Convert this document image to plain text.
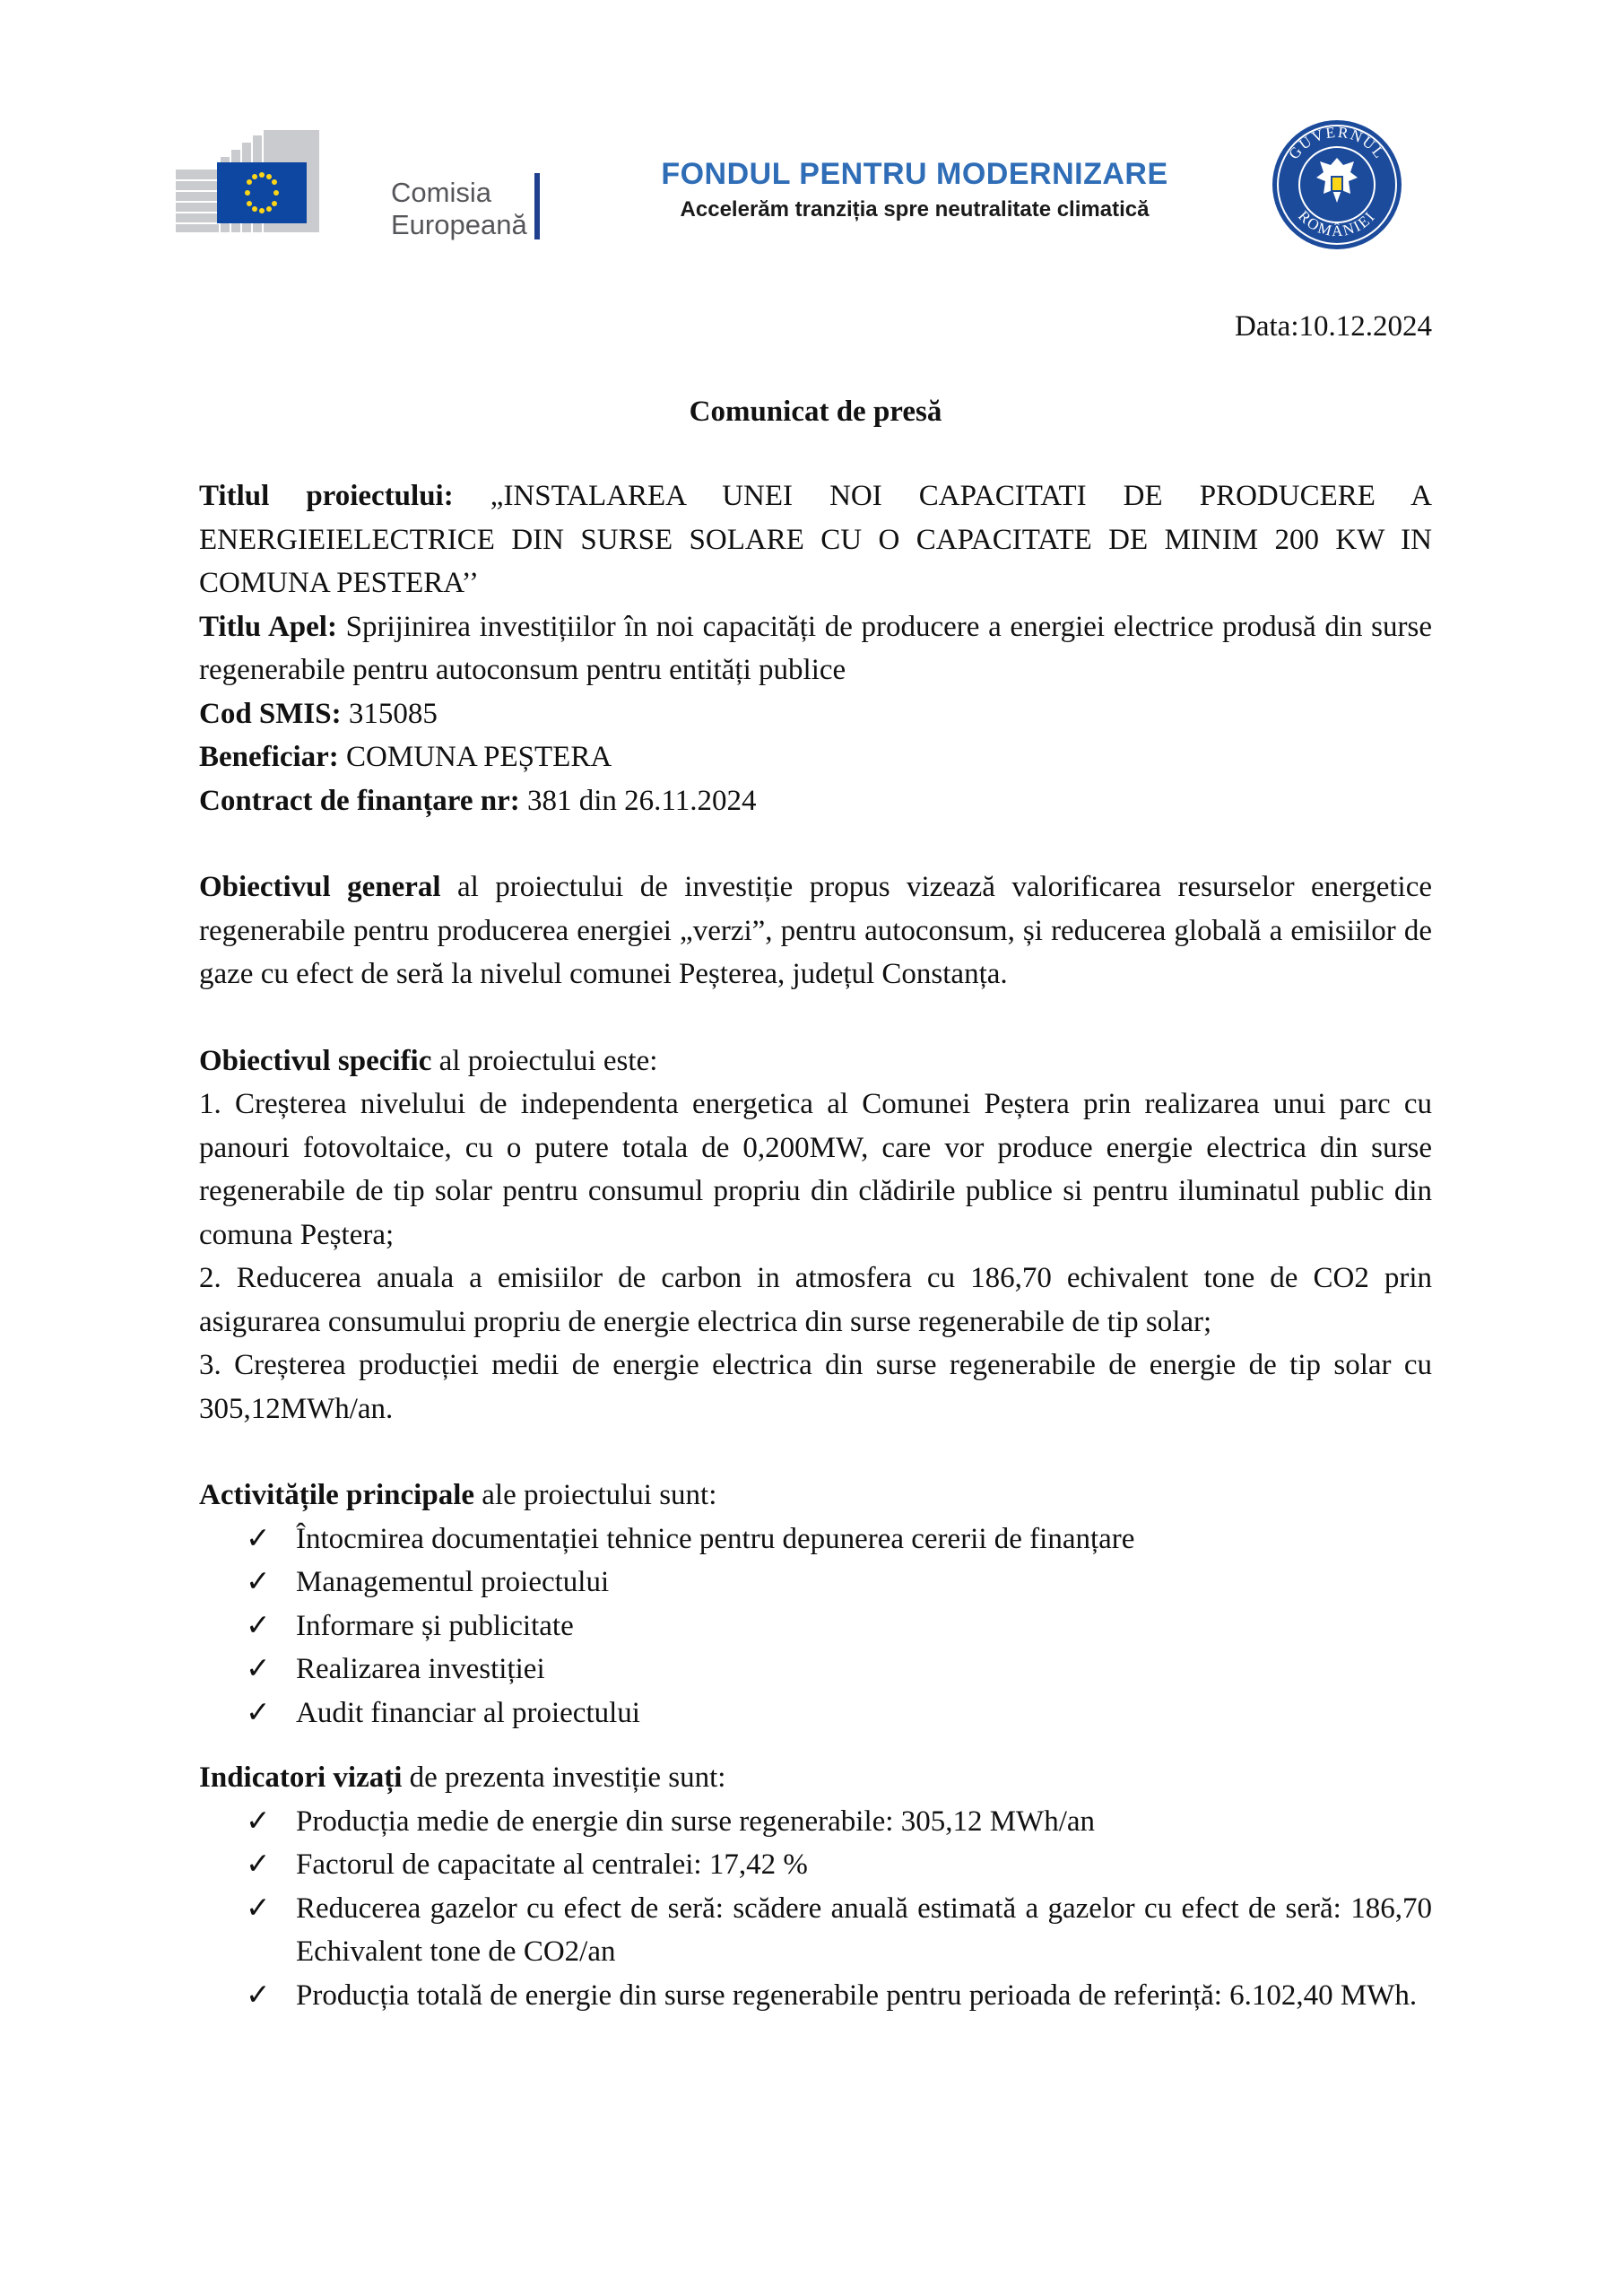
Comisia
Europeană
FONDUL PENTRU MODERNIZARE
Accelerăm tranziția spre neutralitate climatică
GUVERNUL
ROMÂNIEI
Data:10.12.2024
Comunicat de presă

Titlul proiectului: „INSTALAREA UNEI NOI CAPACITATI DE PRODUCERE A ENERGIEIELECTRICE DIN SURSE SOLARE CU O CAPACITATE DE MINIM 200 KW IN COMUNA PESTERA’’

Titlu Apel: Sprijinirea investițiilor în noi capacități de producere a energiei electrice produsă din surse regenerabile pentru autoconsum pentru entități publice

Cod SMIS: 315085

Beneficiar: COMUNA PEȘTERA

Contract de finanțare nr: 381 din 26.11.2024

Obiectivul general al proiectului de investiție propus vizează valorificarea resurselor energetice regenerabile pentru producerea energiei „verzi”, pentru autoconsum, și reducerea globală a emisiilor de gaze cu efect de seră la nivelul comunei Peșterea, județul Constanța.

Obiectivul specific al proiectului este:

1. Creșterea nivelului de independenta energetica al Comunei Peștera prin realizarea unui parc cu panouri fotovoltaice, cu o putere totala de 0,200MW, care vor produce energie electrica din surse regenerabile de tip solar pentru consumul propriu din clădirile publice si pentru iluminatul public din comuna Peștera;

2. Reducerea anuala a emisiilor de carbon in atmosfera cu 186,70 echivalent tone de CO2 prin asigurarea consumului propriu de energie electrica din surse regenerabile de tip solar;

3. Creșterea producției medii de energie electrica din surse regenerabile de energie de tip solar cu 305,12MWh/an.

Activitățile principale ale proiectului sunt:

✓ Întocmirea documentației tehnice pentru depunerea cererii de finanțare
✓ Managementul proiectului
✓ Informare și publicitate
✓ Realizarea investiției
✓ Audit financiar al proiectului

Indicatori vizați de prezenta investiție sunt:

✓ Producția medie de energie din surse regenerabile: 305,12 MWh/an
✓ Factorul de capacitate al centralei: 17,42 %
✓ Reducerea gazelor cu efect de seră: scădere anuală estimată a gazelor cu efect de seră: 186,70 Echivalent tone de CO2/an
✓ Producția totală de energie din surse regenerabile pentru perioada de referință: 6.102,40 MWh.
